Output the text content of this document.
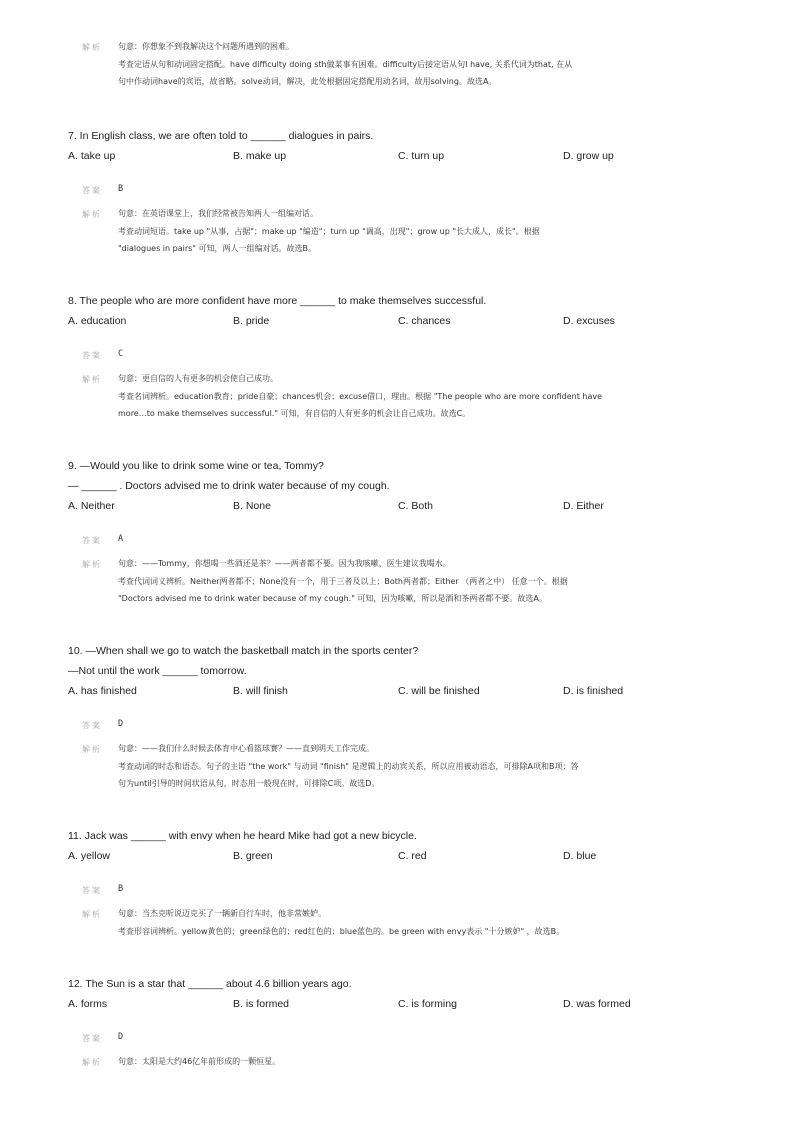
解析 句意：你想象不到我解决这个问题所遇到的困难。
考查定语从句和动词固定搭配。have difficulty doing sth做某事有困难。difficulty后接定语从句I have, 关系代词为that, 在从
句中作动词have的宾语，故省略。solve动词，解决，此处根据固定搭配用动名词，故用solving。故选A。
7. In English class, we are often told to ______ dialogues in pairs.
A. take up	B. make up	C. turn up	D. grow up
答案 B
解析 句意：在英语课堂上，我们经常被告知两人一组编对话。
考查动词短语。take up "从事，占据"；make up "编造"；turn up "调高，出现"；grow up "长大成人，成长"。根据
"dialogues in pairs" 可知，两人一组编对话。故选B。
8. The people who are more confident have more ______ to make themselves successful.
A. education	B. pride	C. chances	D. excuses
答案 C
解析 句意：更自信的人有更多的机会使自己成功。
考查名词辨析。education教育；pride自豪；chances机会；excuse借口，理由。根据 "The people who are more confident have
more…to make themselves successful." 可知，有自信的人有更多的机会让自己成功。故选C。
9. —Would you like to drink some wine or tea, Tommy?
— ______ . Doctors advised me to drink water because of my cough.
A. Neither	B. None	C. Both	D. Either
答案 A
解析 句意：——Tommy，你想喝一些酒还是茶？——两者都不要。因为我咳嗽，医生建议我喝水。
考查代词词义辨析。Neither两者都不；None没有一个，用于三者及以上；Both两者都；Either （两者之中） 任意一个。根据
"Doctors advised me to drink water because of my cough." 可知，因为咳嗽，所以是酒和茶两者都不要。故选A。
10. —When shall we go to watch the basketball match in the sports center?
—Not until the work ______ tomorrow.
A. has finished	B. will finish	C. will be finished	D. is finished
答案 D
解析 句意：——我们什么时候去体育中心看篮球赛？——直到明天工作完成。
考查动词的时态和语态。句子的主语 "the work" 与动词 "finish" 是逻辑上的动宾关系，所以应用被动语态，可排除A项和B项；答
句为until引导的时间状语从句，时态用一般现在时，可排除C项。故选D。
11. Jack was ______ with envy when he heard Mike had got a new bicycle.
A. yellow	B. green	C. red	D. blue
答案 B
解析 句意：当杰克听说迈克买了一辆新自行车时，他非常嫉妒。
考查形容词辨析。yellow黄色的；green绿色的；red红色的；blue蓝色的。be green with envy表示 "十分嫉妒" ，故选B。
12. The Sun is a star that ______ about 4.6 billion years ago.
A. forms	B. is formed	C. is forming	D. was formed
答案 D
解析 句意：太阳是大约46亿年前形成的一颗恒星。
